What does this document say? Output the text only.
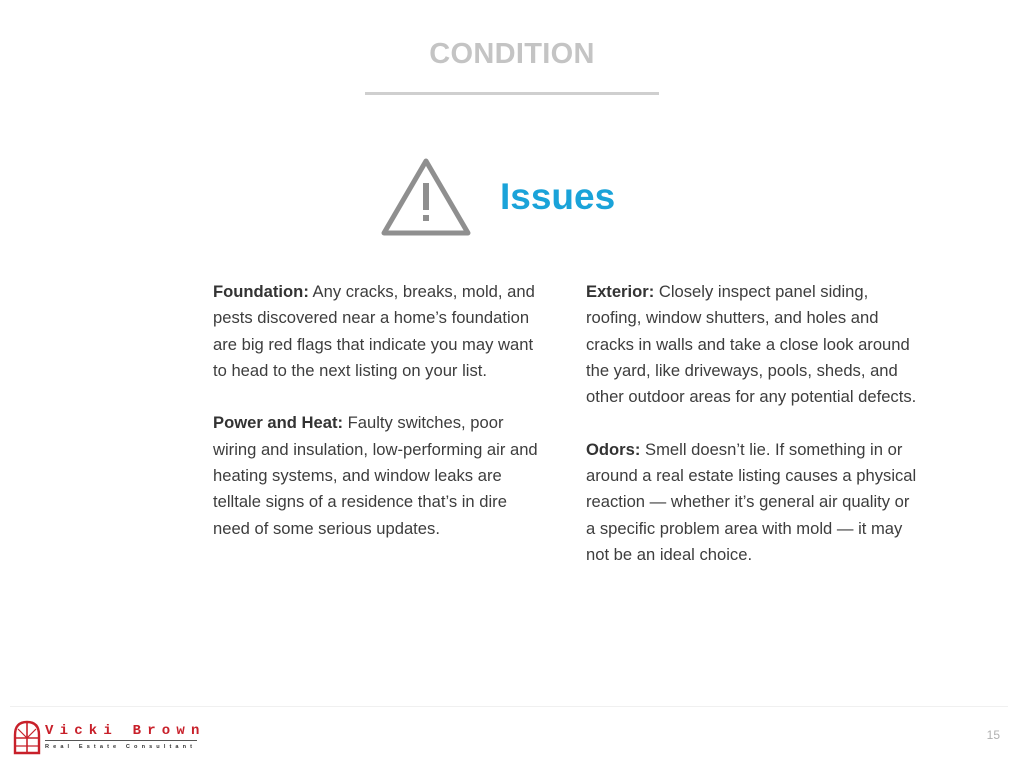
CONDITION
Issues

Foundation: Any cracks, breaks, mold, and pests discovered near a home’s foundation are big red flags that indicate you may want to head to the next listing on your list.

Power and Heat: Faulty switches, poor wiring and insulation, low-performing air and heating systems, and window leaks are telltale signs of a residence that’s in dire need of some serious updates.

Exterior: Closely inspect panel siding, roofing, window shutters, and holes and cracks in walls and take a close look around the yard, like driveways, pools, sheds, and other outdoor areas for any potential defects.

Odors: Smell doesn’t lie. If something in or around a real estate listing causes a physical reaction — whether it’s general air quality or a specific problem area with mold — it may not be an ideal choice.

Vicki Brown
Real Estate Consultant
15
